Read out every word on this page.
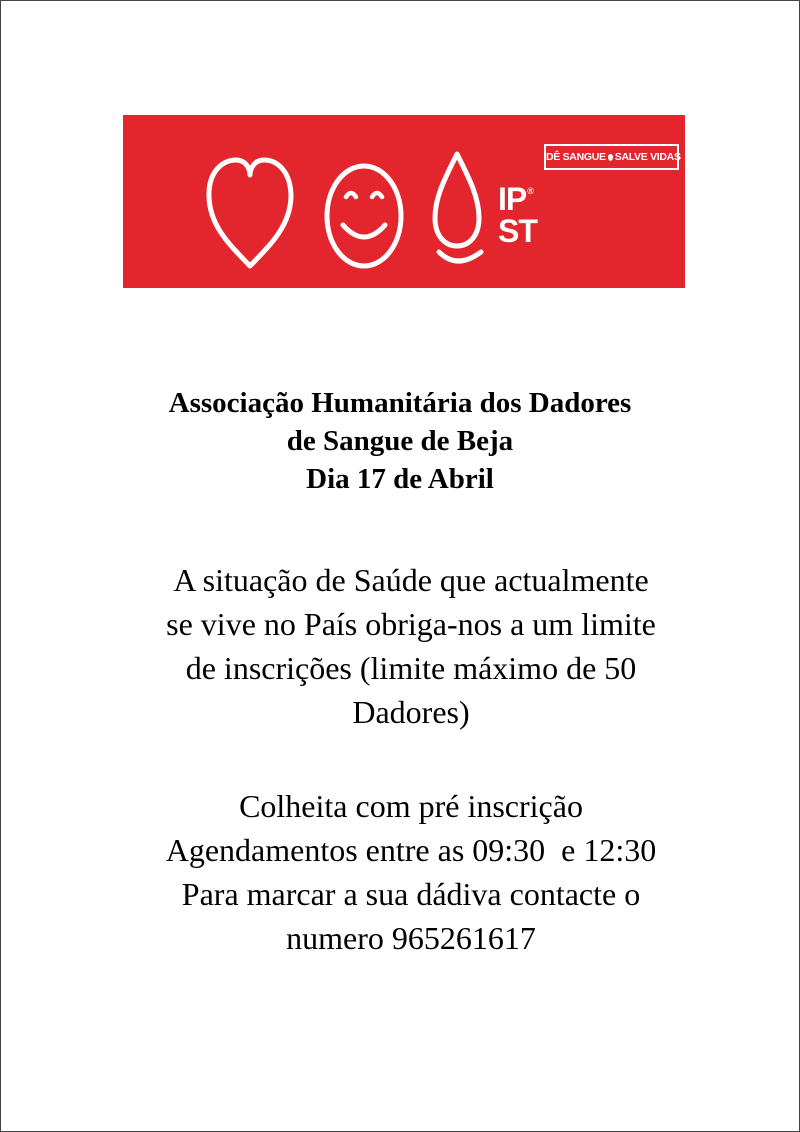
IP®
ST
DÊ SANGUE SALVE VIDAS
Associação Humanitária dos Dadores
de Sangue de Beja
Dia 17 de Abril
A situação de Saúde que actualmente
se vive no País obriga-nos a um limite
de inscrições (limite máximo de 50
Dadores)
Colheita com pré inscrição
Agendamentos entre as 09:30  e 12:30
Para marcar a sua dádiva contacte o
numero 965261617
